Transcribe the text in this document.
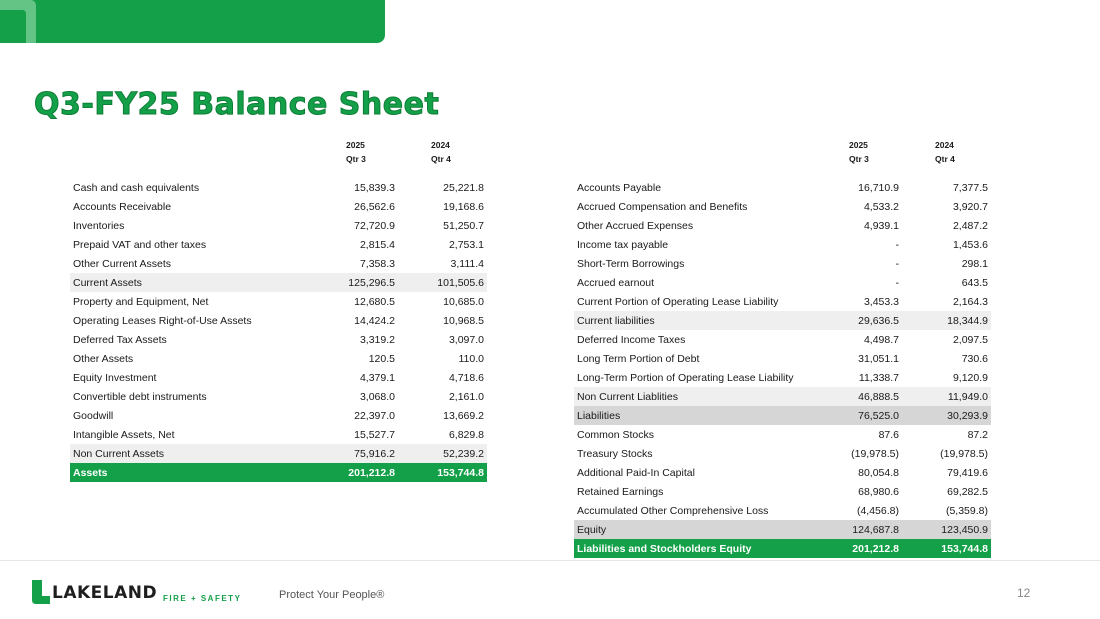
Q3-FY25 Balance Sheet
2025
Qtr 3
2024
Qtr 4
2025
Qtr 3
2024
Qtr 4
Cash and cash equivalents	15,839.3	25,221.8
Accounts Receivable	26,562.6	19,168.6
Inventories	72,720.9	51,250.7
Prepaid VAT and other taxes	2,815.4	2,753.1
Other Current Assets	7,358.3	3,111.4
Current Assets	125,296.5	101,505.6
Property and Equipment, Net	12,680.5	10,685.0
Operating Leases Right-of-Use Assets	14,424.2	10,968.5
Deferred Tax Assets	3,319.2	3,097.0
Other Assets	120.5	110.0
Equity Investment	4,379.1	4,718.6
Convertible debt instruments	3,068.0	2,161.0
Goodwill	22,397.0	13,669.2
Intangible Assets, Net	15,527.7	6,829.8
Non Current Assets	75,916.2	52,239.2
Assets	201,212.8	153,744.8
Accounts Payable	16,710.9	7,377.5
Accrued Compensation and Benefits	4,533.2	3,920.7
Other Accrued Expenses	4,939.1	2,487.2
Income tax payable	-	1,453.6
Short-Term Borrowings	-	298.1
Accrued earnout	-	643.5
Current Portion of Operating Lease Liability	3,453.3	2,164.3
Current liabilities	29,636.5	18,344.9
Deferred Income Taxes	4,498.7	2,097.5
Long Term Portion of Debt	31,051.1	730.6
Long-Term Portion of Operating Lease Liability	11,338.7	9,120.9
Non Current Liablities	46,888.5	11,949.0
Liabilities	76,525.0	30,293.9
Common Stocks	87.6	87.2
Treasury Stocks	(19,978.5)	(19,978.5)
Additional Paid-In Capital	80,054.8	79,419.6
Retained Earnings	68,980.6	69,282.5
Accumulated Other Comprehensive Loss	(4,456.8)	(5,359.8)
Equity	124,687.8	123,450.9
Liabilities and Stockholders Equity	201,212.8	153,744.8
LAKELAND FIRE + SAFETY	Protect Your People®	12
